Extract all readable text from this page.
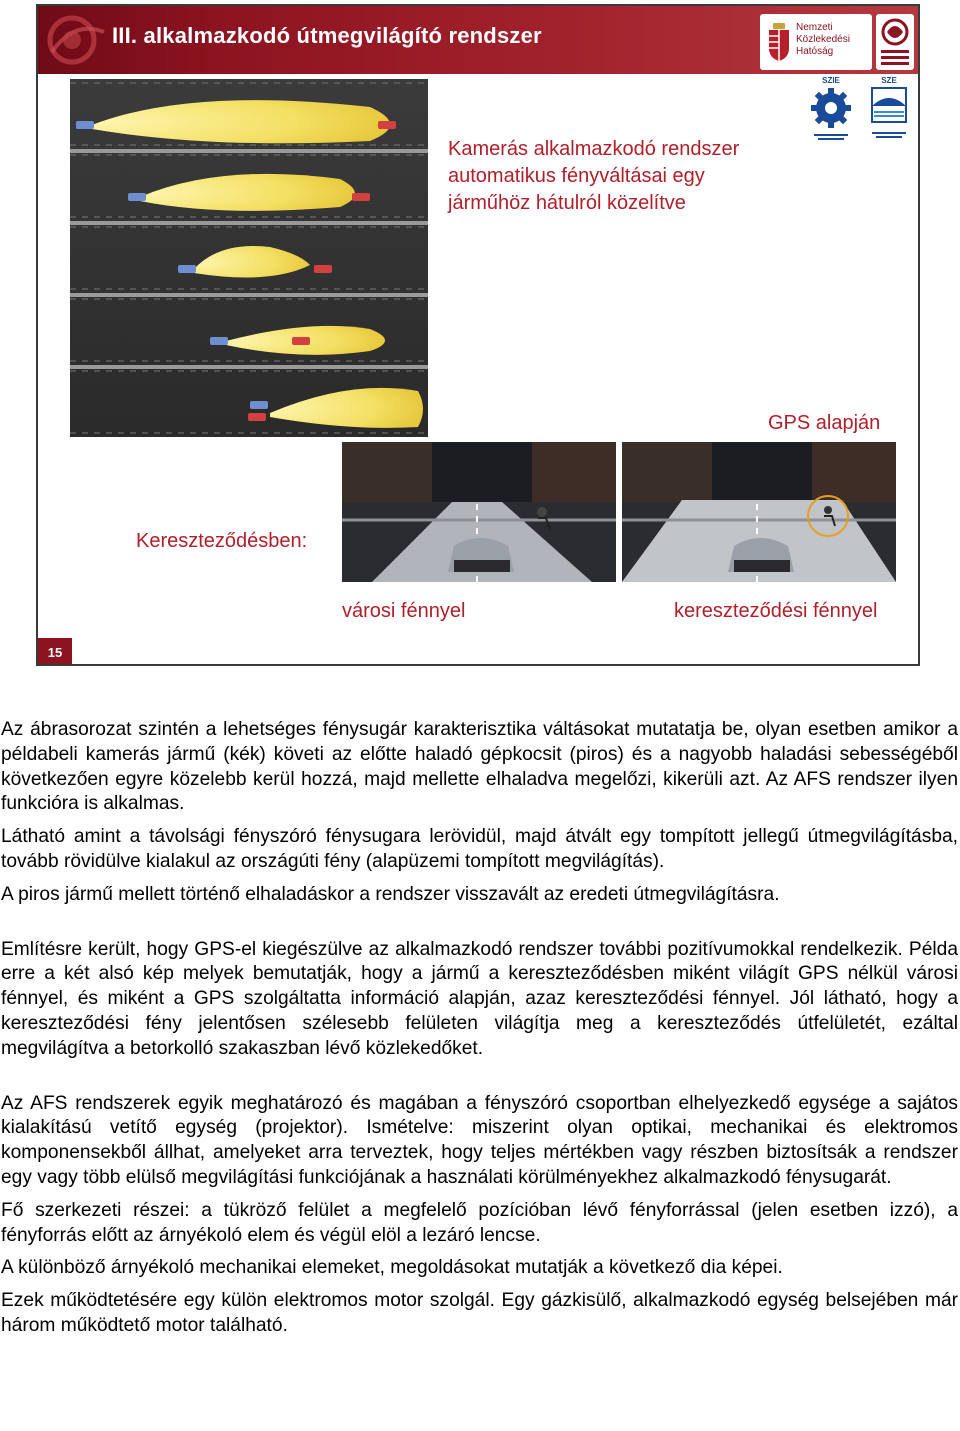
III. alkalmazkodó útmegvilágító rendszer	Nemzeti
Közlekedési
Hatóság
SZIE	SZE
Kamerás alkalmazkodó rendszer
automatikus fényváltásai egy
járműhöz hátulról közelítve
GPS alapján
Kereszteződésben:
városi fénnyel	kereszteződési fénnyel
15

Az ábrasorozat szintén a lehetséges fénysugár karakterisztika váltásokat mutatatja be, olyan esetben amikor a példabeli kamerás jármű (kék) követi az előtte haladó gépkocsit (piros) és a nagyobb haladási sebességéből következően egyre közelebb kerül hozzá, majd mellette elhaladva megelőzi, kikerüli azt. Az AFS rendszer ilyen funkcióra is alkalmas.

Látható amint a távolsági fényszóró fénysugara lerövidül, majd átvált egy tompított jellegű útmegvilágításba, tovább rövidülve kialakul az országúti fény (alapüzemi tompított megvilágítás).

A piros jármű mellett történő elhaladáskor a rendszer visszavált az eredeti útmegvilágításra.

Említésre került, hogy GPS-el kiegészülve az alkalmazkodó rendszer további pozitívumokkal rendelkezik. Példa erre a két alsó kép melyek bemutatják, hogy a jármű a kereszteződésben miként világít GPS nélkül városi fénnyel, és miként a GPS szolgáltatta információ alapján, azaz kereszteződési fénnyel. Jól látható, hogy a kereszteződési fény jelentősen szélesebb felületen világítja meg a kereszteződés útfelületét, ezáltal megvilágítva a betorkolló szakaszban lévő közlekedőket.

Az AFS rendszerek egyik meghatározó és magában a fényszóró csoportban elhelyezkedő egysége a sajátos kialakítású vetítő egység (projektor). Ismételve: miszerint olyan optikai, mechanikai és elektromos komponensekből állhat, amelyeket arra terveztek, hogy teljes mértékben vagy részben biztosítsák a rendszer egy vagy több elülső megvilágítási funkciójának a használati körülményekhez alkalmazkodó fénysugarát.

Fő szerkezeti részei: a tükröző felület a megfelelő pozícióban lévő fényforrással (jelen esetben izzó), a fényforrás előtt az árnyékoló elem és végül elöl a lezáró lencse.

A különböző árnyékoló mechanikai elemeket, megoldásokat mutatják a következő dia képei.

Ezek működtetésére egy külön elektromos motor szolgál. Egy gázkisülő, alkalmazkodó egység belsejében már három működtető motor található.
